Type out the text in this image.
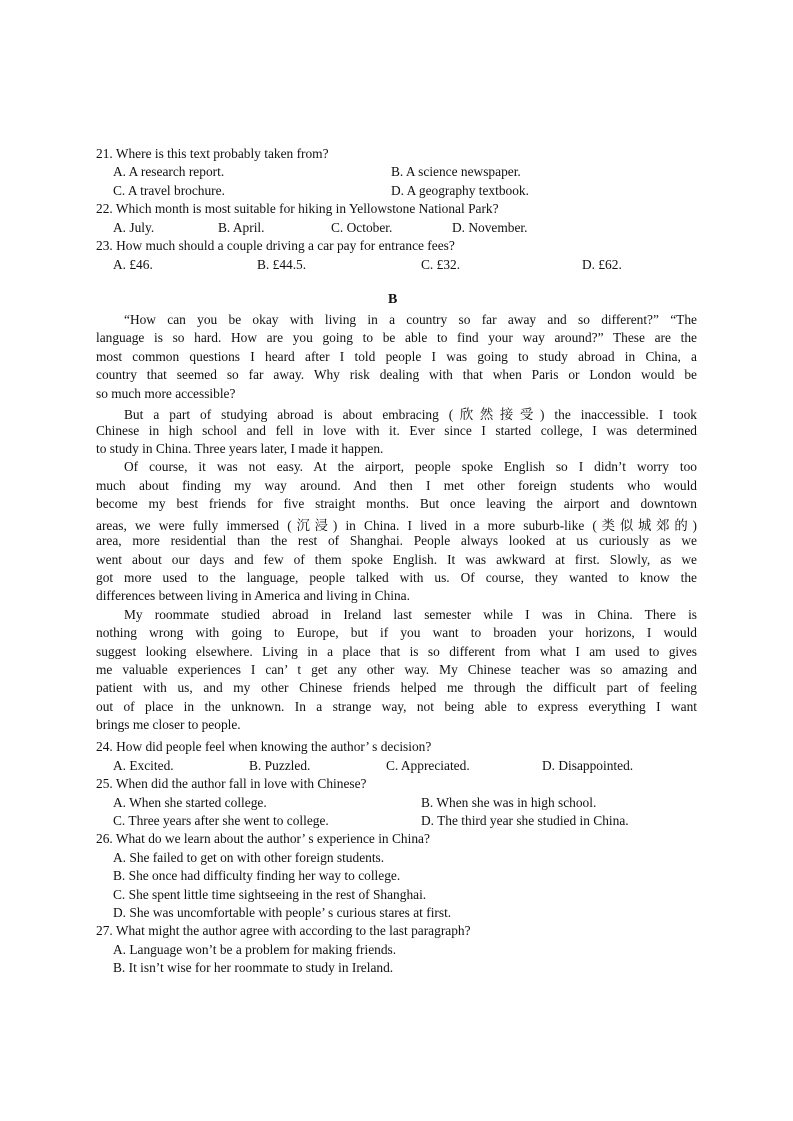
21. Where is this text probably taken from?
A. A research report.	B. A science newspaper.
C. A travel brochure.	D. A geography textbook.
22. Which month is most suitable for hiking in Yellowstone National Park?
A. July.	B. April.	C. October.	D. November.
23. How much should a couple driving a car pay for entrance fees?
A. £46.	B. £44.5.	C. £32.	D. £62.
B
“How can you be okay with living in a country so far away and so different?” “The
language is so hard. How are you going to be able to find your way around?” These are the
most common questions I heard after I told people I was going to study abroad in China, a
country that seemed so far away. Why risk dealing with that when Paris or London would be
so much more accessible?
But a part of studying abroad is about embracing (欣然接受) the inaccessible. I took
Chinese in high school and fell in love with it. Ever since I started college, I was determined
to study in China. Three years later, I made it happen.
Of course, it was not easy. At the airport, people spoke English so I didn’t worry too
much about finding my way around. And then I met other foreign students who would
become my best friends for five straight months. But once leaving the airport and downtown
areas, we were fully immersed (沉浸) in China. I lived in a more suburb-like (类似城郊的)
area, more residential than the rest of Shanghai. People always looked at us curiously as we
went about our days and few of them spoke English. It was awkward at first. Slowly, as we
got more used to the language, people talked with us. Of course, they wanted to know the
differences between living in America and living in China.
My roommate studied abroad in Ireland last semester while I was in China. There is
nothing wrong with going to Europe, but if you want to broaden your horizons, I would
suggest looking elsewhere. Living in a place that is so different from what I am used to gives
me valuable experiences I can’ t get any other way. My Chinese teacher was so amazing and
patient with us, and my other Chinese friends helped me through the difficult part of feeling
out of place in the unknown. In a strange way, not being able to express everything I want
brings me closer to people.
24. How did people feel when knowing the author’ s decision?
A. Excited.	B. Puzzled.	C. Appreciated.	D. Disappointed.
25. When did the author fall in love with Chinese?
A. When she started college.	B. When she was in high school.
C. Three years after she went to college.	D. The third year she studied in China.
26. What do we learn about the author’ s experience in China?
A. She failed to get on with other foreign students.
B. She once had difficulty finding her way to college.
C. She spent little time sightseeing in the rest of Shanghai.
D. She was uncomfortable with people’ s curious stares at first.
27. What might the author agree with according to the last paragraph?
A. Language won’t be a problem for making friends.
B. It isn’t wise for her roommate to study in Ireland.
